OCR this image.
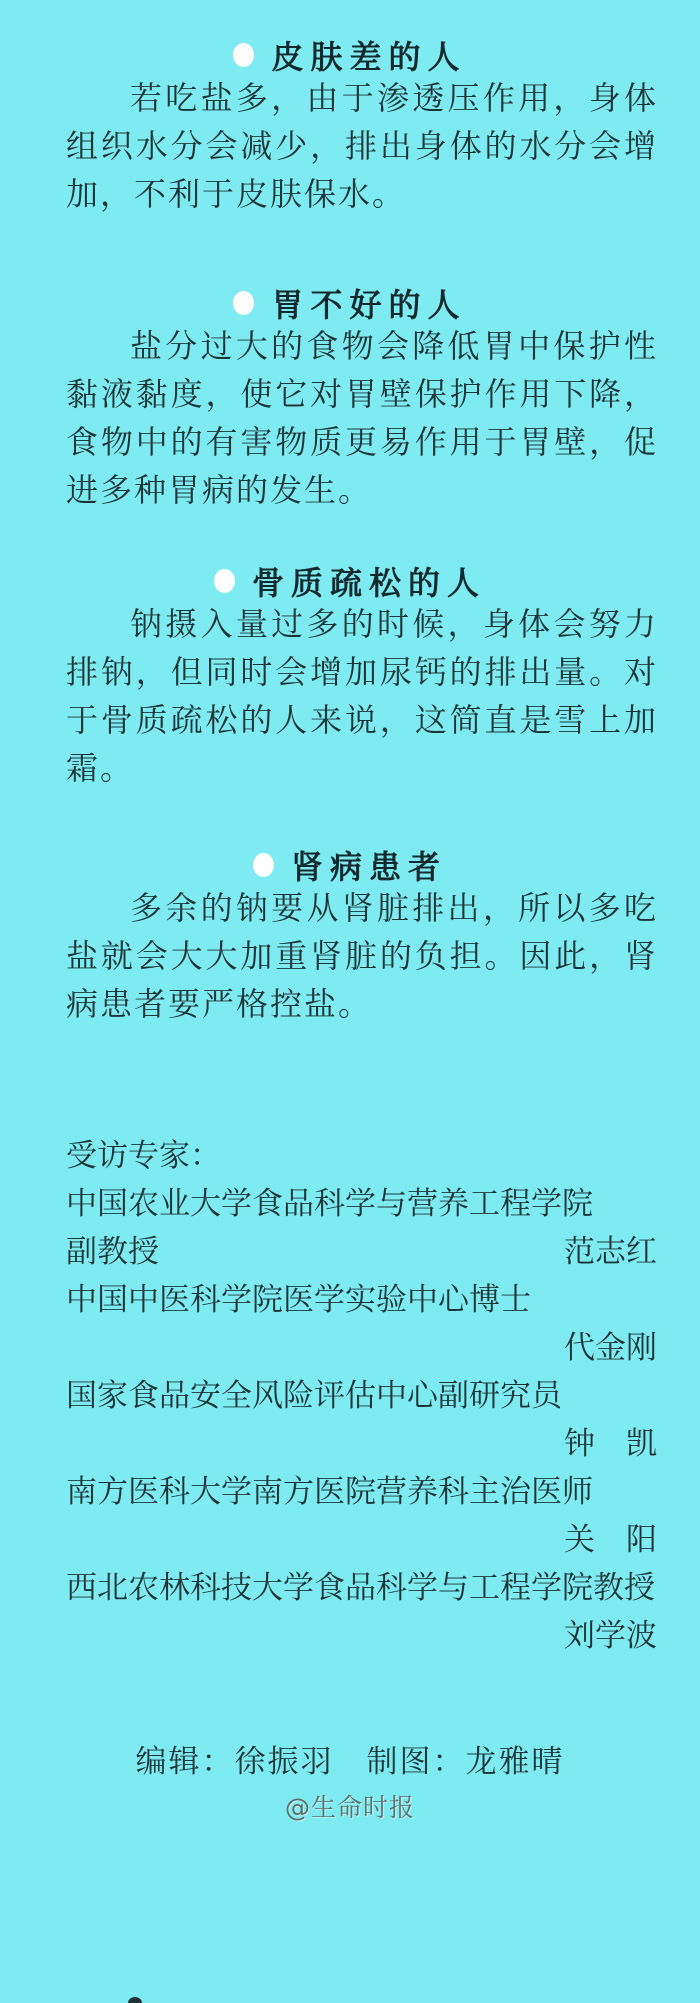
皮肤差的人

若吃盐多，由于渗透压作用，身体组织水分会减少，排出身体的水分会增加，不利于皮肤保水。

胃不好的人

盐分过大的食物会降低胃中保护性黏液黏度，使它对胃壁保护作用下降，食物中的有害物质更易作用于胃壁，促进多种胃病的发生。

骨质疏松的人

钠摄入量过多的时候，身体会努力排钠，但同时会增加尿钙的排出量。对于骨质疏松的人来说，这简直是雪上加霜。

肾病患者

多余的钠要从肾脏排出，所以多吃盐就会大大加重肾脏的负担。因此，肾病患者要严格控盐。

受访专家：
中国农业大学食品科学与营养工程学院
副教授	范志红
中国中医科学院医学实验中心博士
代金刚
国家食品安全风险评估中心副研究员
钟　凯
南方医科大学南方医院营养科主治医师
关　阳
西北农林科技大学食品科学与工程学院教授
刘学波
编辑：徐振羽　制图：龙雅晴
@生命时报
